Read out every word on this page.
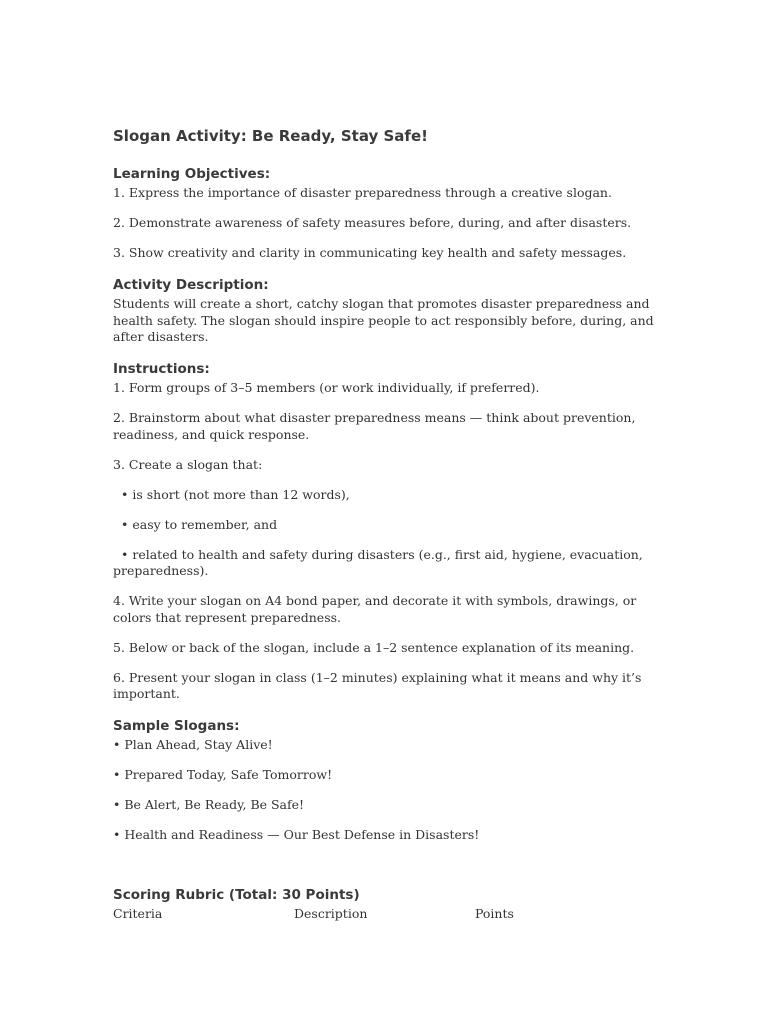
Slogan Activity: Be Ready, Stay Safe!
Learning Objectives:
1. Express the importance of disaster preparedness through a creative slogan.
2. Demonstrate awareness of safety measures before, during, and after disasters.
3. Show creativity and clarity in communicating key health and safety messages.
Activity Description:
Students will create a short, catchy slogan that promotes disaster preparedness and health safety. The slogan should inspire people to act responsibly before, during, and after disasters.
Instructions:
1. Form groups of 3–5 members (or work individually, if preferred).
2. Brainstorm about what disaster preparedness means — think about prevention, readiness, and quick response.
3. Create a slogan that:
• is short (not more than 12 words),
• easy to remember, and
• related to health and safety during disasters (e.g., first aid, hygiene, evacuation, preparedness).
4. Write your slogan on A4 bond paper, and decorate it with symbols, drawings, or colors that represent preparedness.
5. Below or back of the slogan, include a 1–2 sentence explanation of its meaning.
6. Present your slogan in class (1–2 minutes) explaining what it means and why it’s important.
Sample Slogans:
• Plan Ahead, Stay Alive!
• Prepared Today, Safe Tomorrow!
• Be Alert, Be Ready, Be Safe!
• Health and Readiness — Our Best Defense in Disasters!
Scoring Rubric (Total: 30 Points)
Criteria	Description	Points
